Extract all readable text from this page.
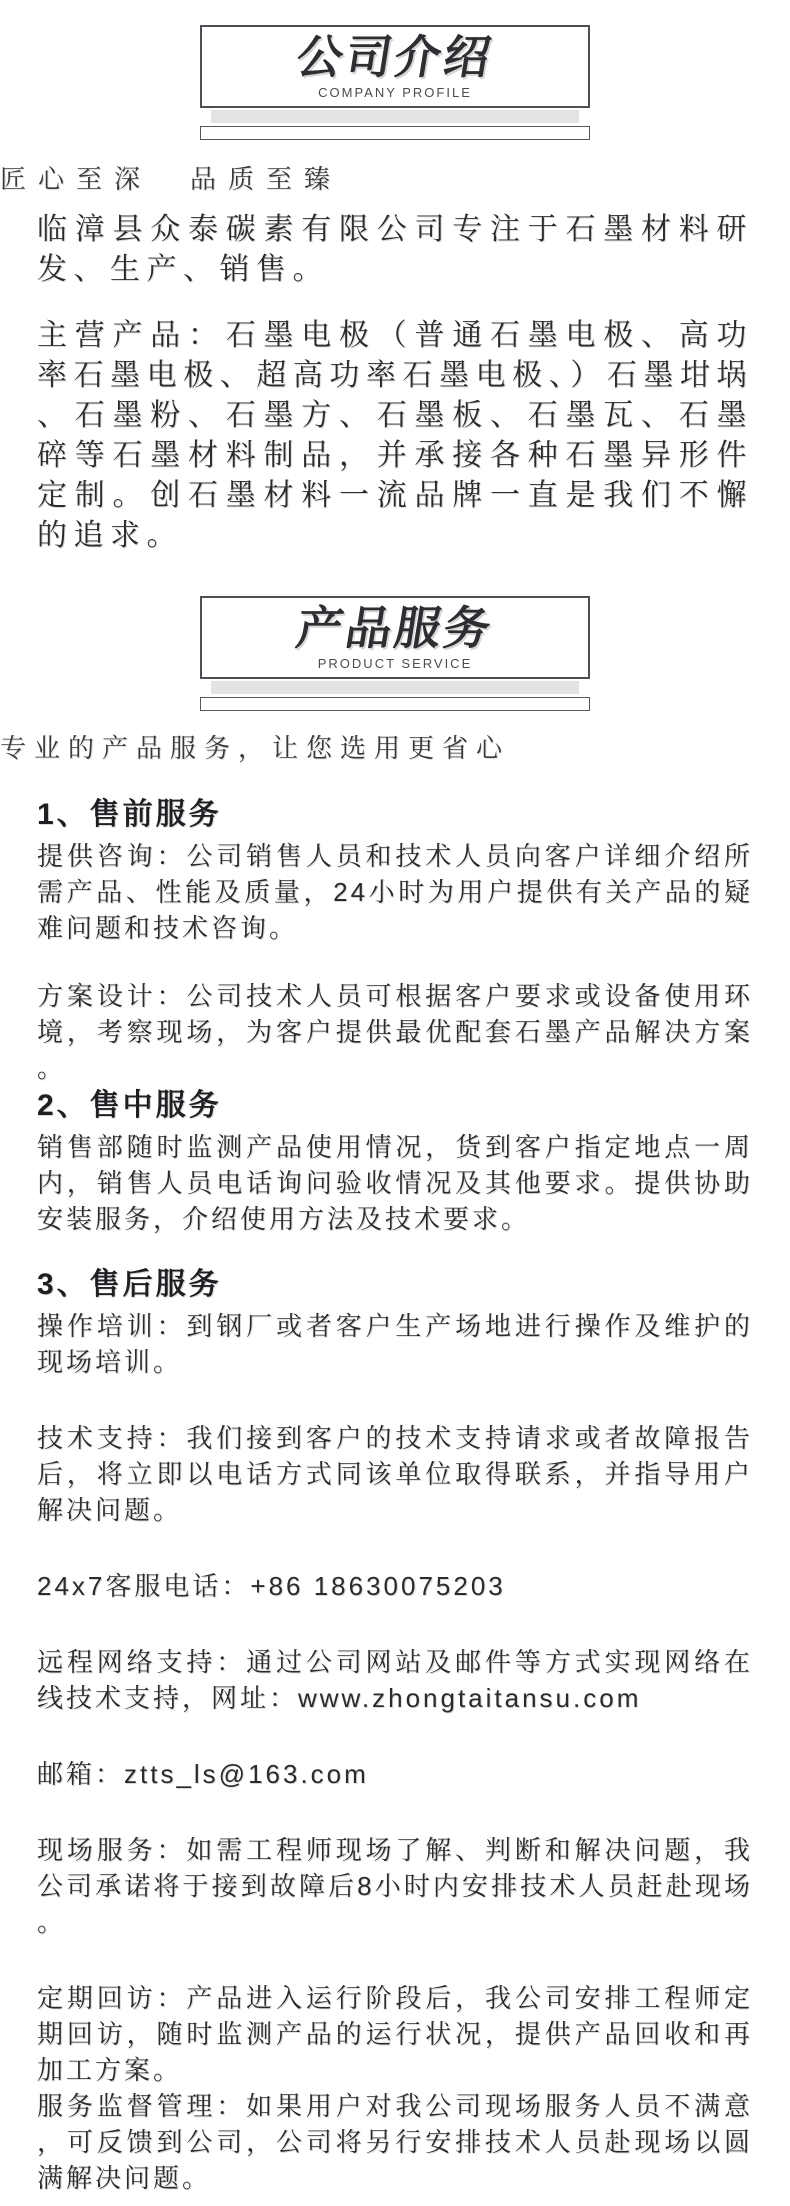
公司介绍
COMPANY PROFILE

匠心至深　品质至臻

临漳县众泰碳素有限公司专注于石墨材料研发、生产、销售。

主营产品：石墨电极（普通石墨电极、高功率石墨电极、超高功率石墨电极、）石墨坩埚、石墨粉、石墨方、石墨板、石墨瓦、石墨碎等石墨材料制品，并承接各种石墨异形件定制。创石墨材料一流品牌一直是我们不懈的追求。

产品服务
PRODUCT SERVICE

专业的产品服务，让您选用更省心

1、售前服务

提供咨询：公司销售人员和技术人员向客户详细介绍所需产品、性能及质量，24小时为用户提供有关产品的疑难问题和技术咨询。

方案设计：公司技术人员可根据客户要求或设备使用环境，考察现场，为客户提供最优配套石墨产品解决方案。

2、售中服务

销售部随时监测产品使用情况，货到客户指定地点一周内，销售人员电话询问验收情况及其他要求。提供协助安装服务，介绍使用方法及技术要求。

3、售后服务

操作培训：到钢厂或者客户生产场地进行操作及维护的现场培训。

技术支持：我们接到客户的技术支持请求或者故障报告后，将立即以电话方式同该单位取得联系，并指导用户解决问题。

24x7客服电话：+86 18630075203

远程网络支持：通过公司网站及邮件等方式实现网络在线技术支持，网址：www.zhongtaitansu.com

邮箱：ztts_ls@163.com

现场服务：如需工程师现场了解、判断和解决问题，我公司承诺将于接到故障后8小时内安排技术人员赶赴现场。

定期回访：产品进入运行阶段后，我公司安排工程师定期回访，随时监测产品的运行状况，提供产品回收和再加工方案。

服务监督管理：如果用户对我公司现场服务人员不满意，可反馈到公司，公司将另行安排技术人员赴现场以圆满解决问题。
